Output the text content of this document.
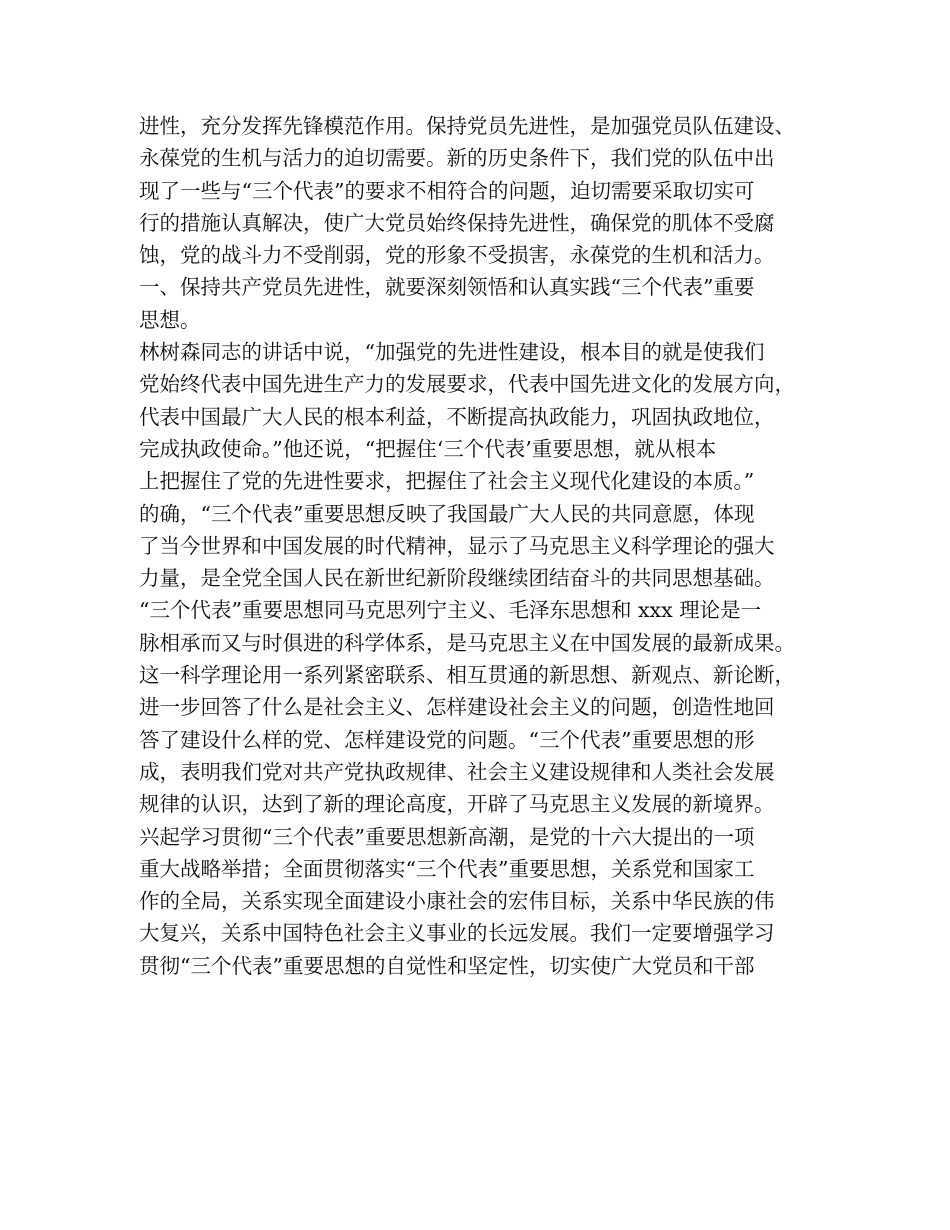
进性，充分发挥先锋模范作用。保持党员先进性，是加强党员队伍建设、
永葆党的生机与活力的迫切需要。新的历史条件下，我们党的队伍中出
现了一些与“三个代表”的要求不相符合的问题，迫切需要采取切实可
行的措施认真解决，使广大党员始终保持先进性，确保党的肌体不受腐
蚀，党的战斗力不受削弱，党的形象不受损害，永葆党的生机和活力。
一、保持共产党员先进性，就要深刻领悟和认真实践“三个代表”重要
思想。
林树森同志的讲话中说，“加强党的先进性建设，根本目的就是使我们
党始终代表中国先进生产力的发展要求，代表中国先进文化的发展方向，
代表中国最广大人民的根本利益，不断提高执政能力，巩固执政地位，
完成执政使命。”他还说，“把握住‘三个代表’重要思想，就从根本
上把握住了党的先进性要求，把握住了社会主义现代化建设的本质。”
的确，“三个代表”重要思想反映了我国最广大人民的共同意愿，体现
了当今世界和中国发展的时代精神，显示了马克思主义科学理论的强大
力量，是全党全国人民在新世纪新阶段继续团结奋斗的共同思想基础。
“三个代表”重要思想同马克思列宁主义、毛泽东思想和 xxx 理论是一
脉相承而又与时俱进的科学体系，是马克思主义在中国发展的最新成果。
这一科学理论用一系列紧密联系、相互贯通的新思想、新观点、新论断，
进一步回答了什么是社会主义、怎样建设社会主义的问题，创造性地回
答了建设什么样的党、怎样建设党的问题。“三个代表”重要思想的形
成，表明我们党对共产党执政规律、社会主义建设规律和人类社会发展
规律的认识，达到了新的理论高度，开辟了马克思主义发展的新境界。
兴起学习贯彻“三个代表”重要思想新高潮，是党的十六大提出的一项
重大战略举措；全面贯彻落实“三个代表”重要思想，关系党和国家工
作的全局，关系实现全面建设小康社会的宏伟目标，关系中华民族的伟
大复兴，关系中国特色社会主义事业的长远发展。我们一定要增强学习
贯彻“三个代表”重要思想的自觉性和坚定性，切实使广大党员和干部
